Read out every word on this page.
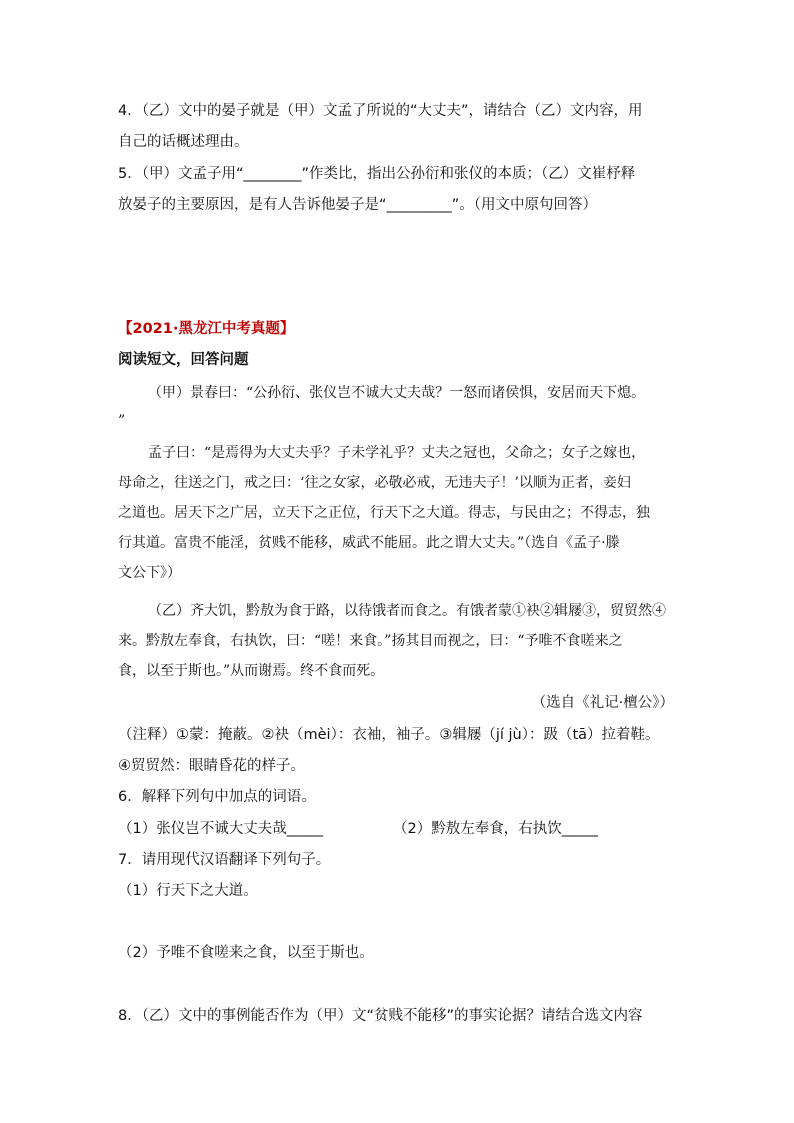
4．（乙）文中的晏子就是（甲）文孟了所说的“大丈夫”，请结合（乙）文内容，用
自己的话概述理由。
5．（甲）文孟子用“________”作类比，指出公孙衍和张仪的本质；（乙）文崔杼释
放晏子的主要原因，是有人告诉他晏子是“_________”。（用文中原句回答）
【2021·黑龙江中考真题】
阅读短文，回答问题
（甲）景春曰：“公孙衍、张仪岂不诚大丈夫哉？一怒而诸侯惧，安居而天下熄。
”
孟子曰：“是焉得为大丈夫乎？子未学礼乎？丈夫之冠也，父命之；女子之嫁也，
母命之，往送之门，戒之曰：‘往之女家，必敬必戒，无违夫子！’以顺为正者，妾妇
之道也。居天下之广居，立天下之正位，行天下之大道。得志，与民由之；不得志，独
行其道。富贵不能淫，贫贱不能移，威武不能屈。此之谓大丈夫。”（选自《孟子·滕
文公下》）
（乙）齐大饥，黔敖为食于路，以待饿者而食之。有饿者蒙①袂②辑屦③，贸贸然④
来。黔敖左奉食，右执饮，曰：“嗟！来食。”扬其目而视之，曰：“予唯不食嗟来之
食，以至于斯也。”从而谢焉。终不食而死。
（选自《礼记·檀公》）
（注释）①蒙：掩蔽。②袂（mèi）：衣袖，袖子。③辑屦（jí jù）：趿（tā）拉着鞋。
④贸贸然：眼睛昏花的样子。
6．解释下列句中加点的词语。
（1）张仪岂不诚大丈夫哉_____	（2）黔敖左奉食，右执饮_____
7．请用现代汉语翻译下列句子。
（1）行天下之大道。
（2）予唯不食嗟来之食，以至于斯也。
8．（乙）文中的事例能否作为（甲）文“贫贱不能移”的事实论据？请结合选文内容
